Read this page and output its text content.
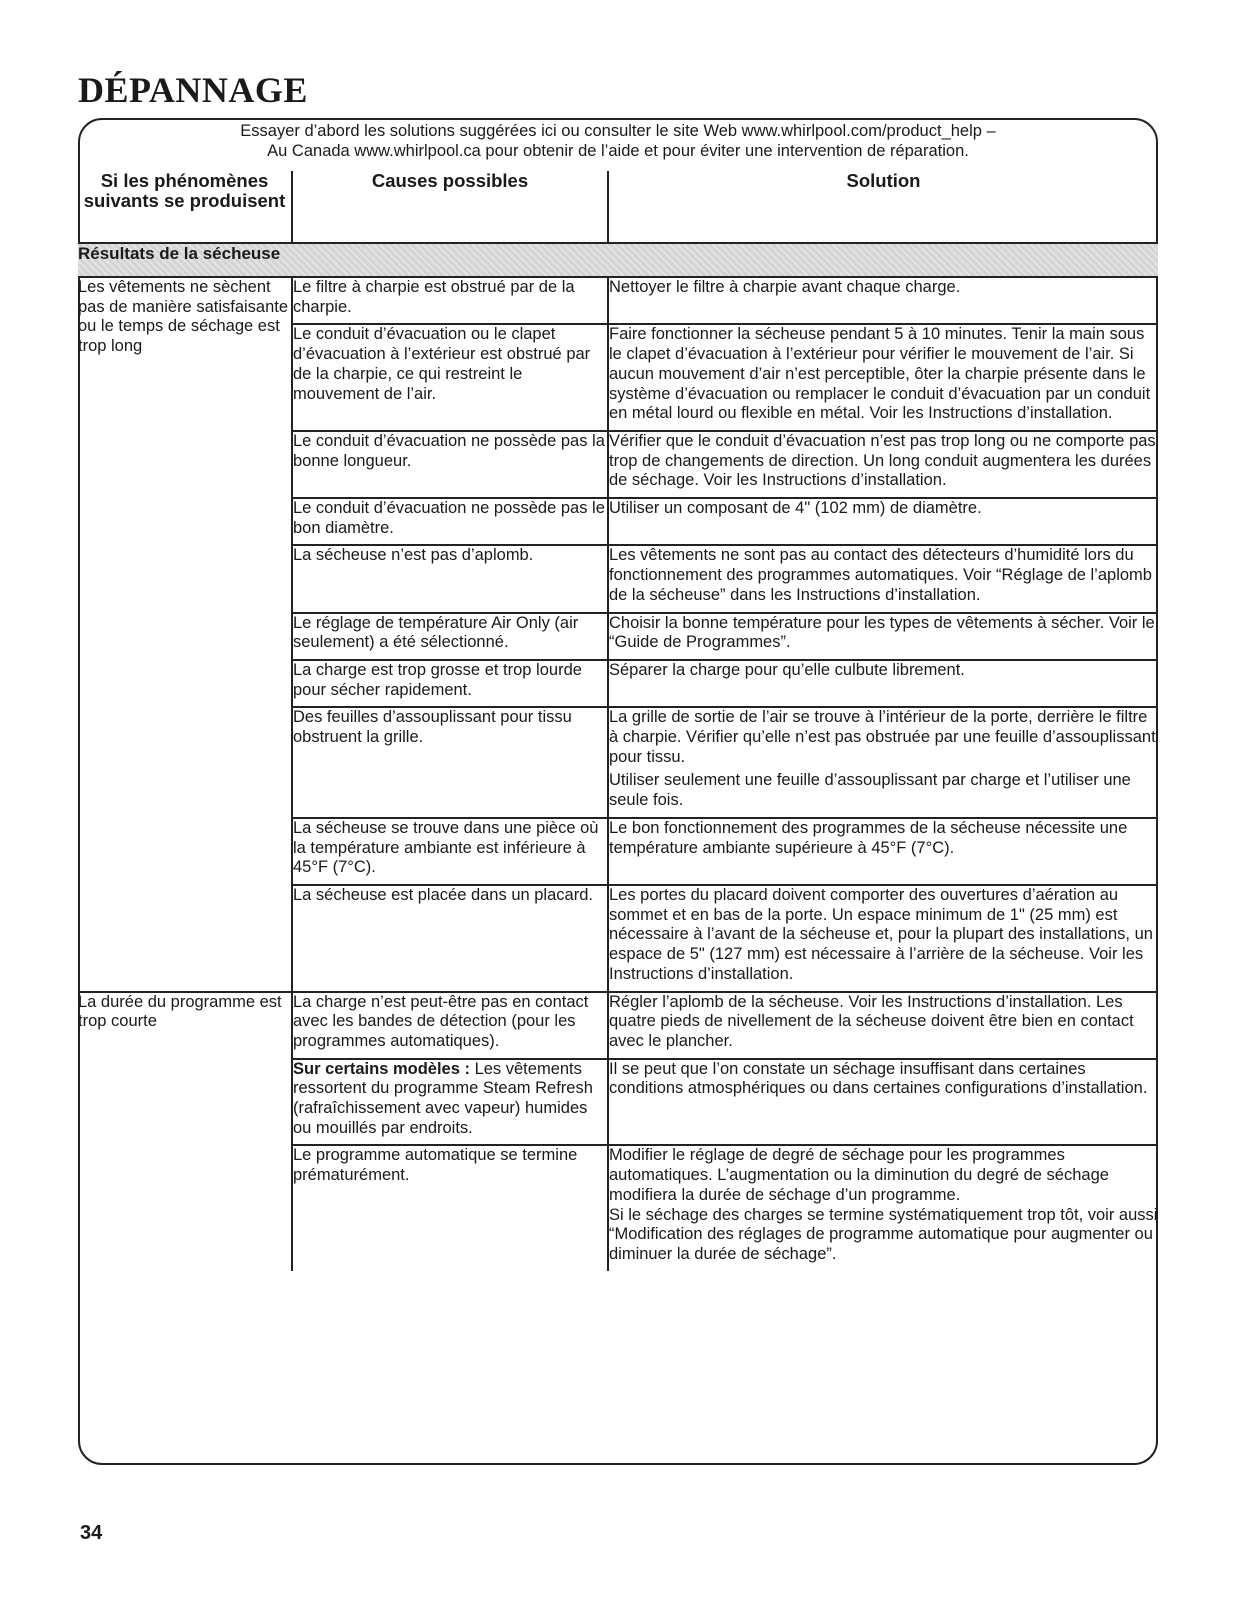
DÉPANNAGE
Essayer d’abord les solutions suggérées ici ou consulter le site Web www.whirlpool.com/product_help –
Au Canada www.whirlpool.ca pour obtenir de l’aide et pour éviter une intervention de réparation.
Si les phénomènes suivants se produisent	Causes possibles	Solution
Résultats de la sécheuse		
Les vêtements ne sèchent pas de manière satisfaisante ou le temps de séchage est trop long	Le filtre à charpie est obstrué par de la charpie.	Nettoyer le filtre à charpie avant chaque charge.
	Le conduit d’évacuation ou le clapet d’évacuation à l’extérieur est obstrué par de la charpie, ce qui restreint le mouvement de l’air.	Faire fonctionner la sécheuse pendant 5 à 10 minutes. Tenir la main sous le clapet d’évacuation à l’extérieur pour vérifier le mouvement de l’air. Si aucun mouvement d’air n’est perceptible, ôter la charpie présente dans le système d’évacuation ou remplacer le conduit d’évacuation par un conduit en métal lourd ou flexible en métal. Voir les Instructions d’installation.
	Le conduit d’évacuation ne possède pas la bonne longueur.	Vérifier que le conduit d’évacuation n’est pas trop long ou ne comporte pas trop de changements de direction. Un long conduit augmentera les durées de séchage. Voir les Instructions d’installation.
	Le conduit d’évacuation ne possède pas le bon diamètre.	Utiliser un composant de 4" (102 mm) de diamètre.
	La sécheuse n’est pas d’aplomb.	Les vêtements ne sont pas au contact des détecteurs d’humidité lors du fonctionnement des programmes automatiques. Voir “Réglage de l’aplomb de la sécheuse” dans les Instructions d’installation.
	Le réglage de température Air Only (air seulement) a été sélectionné.	Choisir la bonne température pour les types de vêtements à sécher. Voir le “Guide de Programmes”.
	La charge est trop grosse et trop lourde pour sécher rapidement.	Séparer la charge pour qu’elle culbute librement.
	Des feuilles d’assouplissant pour tissu obstruent la grille.	La grille de sortie de l’air se trouve à l’intérieur de la porte, derrière le filtre à charpie. Vérifier qu’elle n’est pas obstruée par une feuille d’assouplissant pour tissu.
Utiliser seulement une feuille d’assouplissant par charge et l’utiliser une seule fois.

	La sécheuse se trouve dans une pièce où la température ambiante est inférieure à 45°F (7°C).	Le bon fonctionnement des programmes de la sécheuse nécessite une température ambiante supérieure à 45°F (7°C).
	La sécheuse est placée dans un placard.	Les portes du placard doivent comporter des ouvertures d’aération au sommet et en bas de la porte. Un espace minimum de 1" (25 mm) est nécessaire à l’avant de la sécheuse et, pour la plupart des installations, un espace de 5" (127 mm) est nécessaire à l’arrière de la sécheuse. Voir les Instructions d’installation.
La durée du programme est trop courte	La charge n’est peut-être pas en contact avec les bandes de détection (pour les programmes automatiques).	Régler l’aplomb de la sécheuse. Voir les Instructions d’installation. Les quatre pieds de nivellement de la sécheuse doivent être bien en contact avec le plancher.
	Sur certains modèles : Les vêtements ressortent du programme Steam Refresh (rafraîchissement avec vapeur) humides ou mouillés par endroits.	Il se peut que l’on constate un séchage insuffisant dans certaines conditions atmosphériques ou dans certaines configurations d’installation.
	Le programme automatique se termine prématurément.	Modifier le réglage de degré de séchage pour les programmes automatiques. L’augmentation ou la diminution du degré de séchage modifiera la durée de séchage d’un programme.
Si le séchage des charges se termine systématiquement trop tôt, voir aussi “Modification des réglages de programme automatique pour augmenter ou diminuer la durée de séchage”.
34
